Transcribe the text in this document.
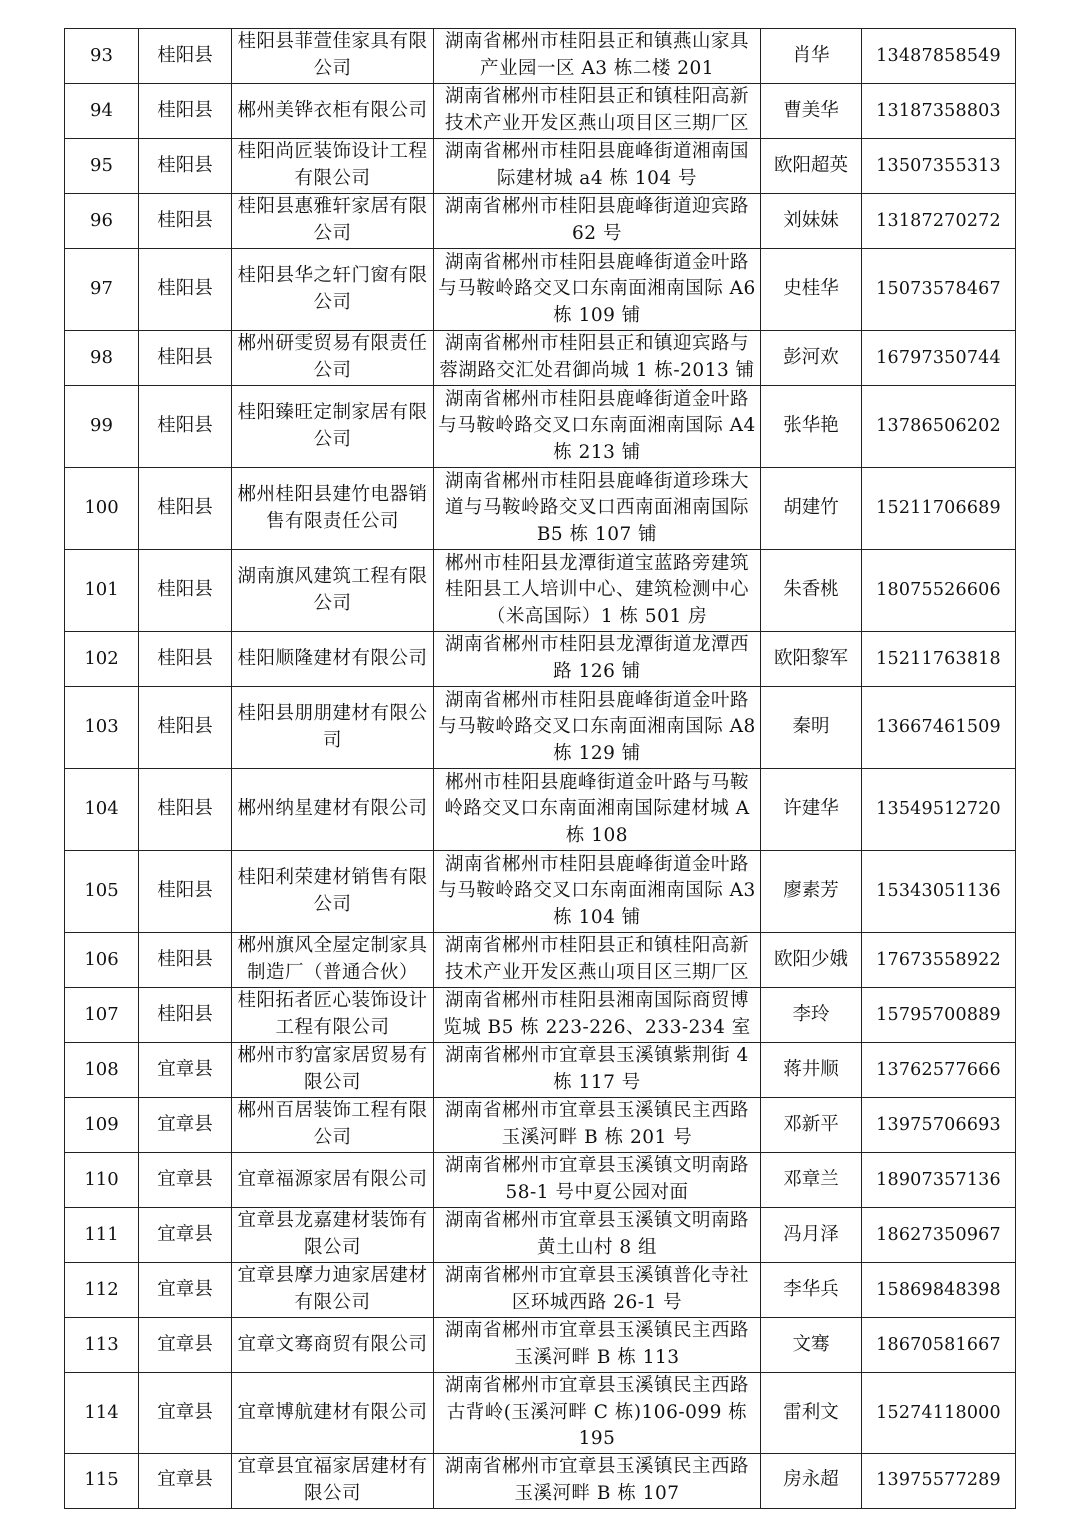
93	桂阳县	桂阳县菲萱佳家具有限公司	湖南省郴州市桂阳县正和镇燕山家具产业园一区 A3 栋二楼 201	肖华	13487858549
94	桂阳县	郴州美铧衣柜有限公司	湖南省郴州市桂阳县正和镇桂阳高新技术产业开发区燕山项目区三期厂区	曹美华	13187358803
95	桂阳县	桂阳尚匠装饰设计工程有限公司	湖南省郴州市桂阳县鹿峰街道湘南国际建材城 a4 栋 104 号	欧阳超英	13507355313
96	桂阳县	桂阳县惠雅轩家居有限公司	湖南省郴州市桂阳县鹿峰街道迎宾路 62 号	刘妹妹	13187270272
97	桂阳县	桂阳县华之轩门窗有限公司	湖南省郴州市桂阳县鹿峰街道金叶路与马鞍岭路交叉口东南面湘南国际 A6 栋 109 铺	史桂华	15073578467
98	桂阳县	郴州研雯贸易有限责任公司	湖南省郴州市桂阳县正和镇迎宾路与蓉湖路交汇处君御尚城 1 栋-2013 铺	彭河欢	16797350744
99	桂阳县	桂阳臻旺定制家居有限公司	湖南省郴州市桂阳县鹿峰街道金叶路与马鞍岭路交叉口东南面湘南国际 A4 栋 213 铺	张华艳	13786506202
100	桂阳县	郴州桂阳县建竹电器销售有限责任公司	湖南省郴州市桂阳县鹿峰街道珍珠大道与马鞍岭路交叉口西南面湘南国际 B5 栋 107 铺	胡建竹	15211706689
101	桂阳县	湖南旗风建筑工程有限公司	郴州市桂阳县龙潭街道宝蓝路旁建筑桂阳县工人培训中心、建筑检测中心（米高国际）1 栋 501 房	朱香桃	18075526606
102	桂阳县	桂阳顺隆建材有限公司	湖南省郴州市桂阳县龙潭街道龙潭西路 126 铺	欧阳黎军	15211763818
103	桂阳县	桂阳县朋朋建材有限公司	湖南省郴州市桂阳县鹿峰街道金叶路与马鞍岭路交叉口东南面湘南国际 A8 栋 129 铺	秦明	13667461509
104	桂阳县	郴州纳星建材有限公司	郴州市桂阳县鹿峰街道金叶路与马鞍岭路交叉口东南面湘南国际建材城 A 栋 108	许建华	13549512720
105	桂阳县	桂阳利荣建材销售有限公司	湖南省郴州市桂阳县鹿峰街道金叶路与马鞍岭路交叉口东南面湘南国际 A3 栋 104 铺	廖素芳	15343051136
106	桂阳县	郴州旗风全屋定制家具制造厂（普通合伙）	湖南省郴州市桂阳县正和镇桂阳高新技术产业开发区燕山项目区三期厂区	欧阳少娥	17673558922
107	桂阳县	桂阳拓者匠心装饰设计工程有限公司	湖南省郴州市桂阳县湘南国际商贸博览城 B5 栋 223-226、233-234 室	李玲	15795700889
108	宜章县	郴州市豹富家居贸易有限公司	湖南省郴州市宜章县玉溪镇紫荆街 4 栋 117 号	蒋井顺	13762577666
109	宜章县	郴州百居装饰工程有限公司	湖南省郴州市宜章县玉溪镇民主西路玉溪河畔 B 栋 201 号	邓新平	13975706693
110	宜章县	宜章福源家居有限公司	湖南省郴州市宜章县玉溪镇文明南路 58-1 号中夏公园对面	邓章兰	18907357136
111	宜章县	宜章县龙嘉建材装饰有限公司	湖南省郴州市宜章县玉溪镇文明南路黄土山村 8 组	冯月泽	18627350967
112	宜章县	宜章县摩力迪家居建材有限公司	湖南省郴州市宜章县玉溪镇普化寺社区环城西路 26-1 号	李华兵	15869848398
113	宜章县	宜章文骞商贸有限公司	湖南省郴州市宜章县玉溪镇民主西路玉溪河畔 B 栋 113	文骞	18670581667
114	宜章县	宜章博航建材有限公司	湖南省郴州市宜章县玉溪镇民主西路古背岭(玉溪河畔 C 栋)106-099 栋 195	雷利文	15274118000
115	宜章县	宜章县宜福家居建材有限公司	湖南省郴州市宜章县玉溪镇民主西路玉溪河畔 B 栋 107	房永超	13975577289
